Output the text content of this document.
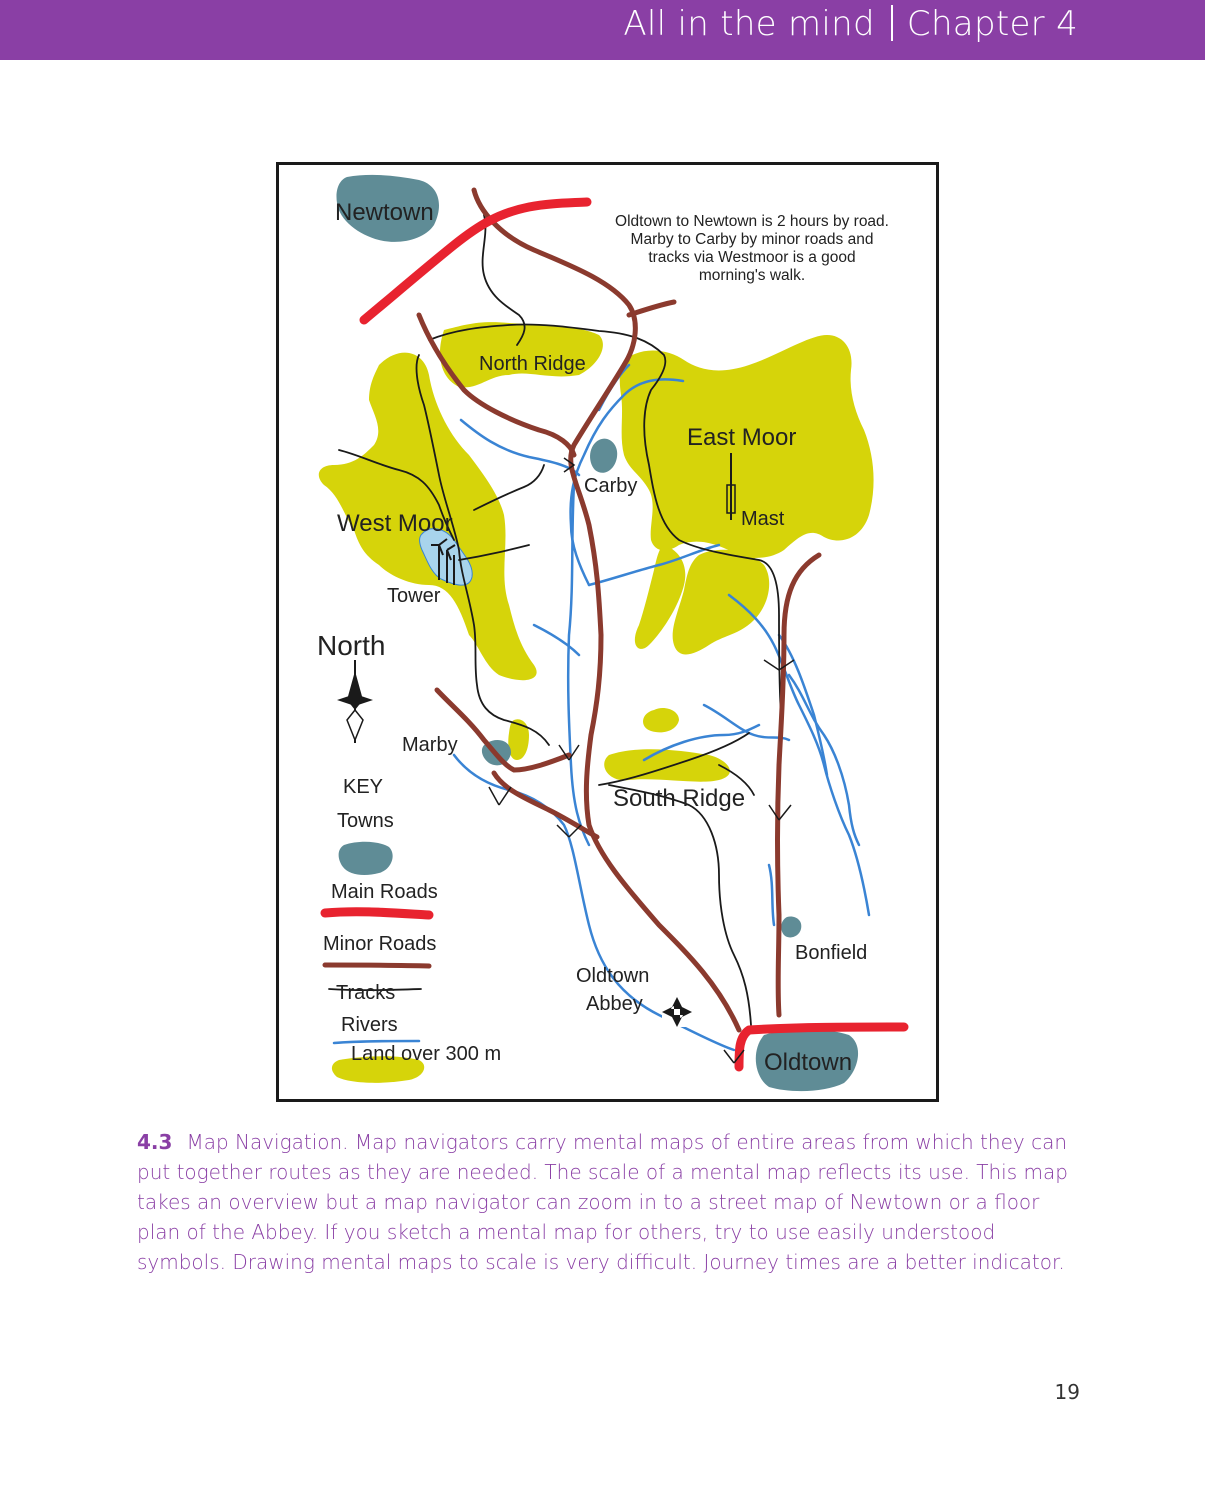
All in the mind Chapter 4
Oldtown to Newtown is 2 hours by road.
Marby to Carby by minor roads and
tracks via Westmoor is a good
morning's walk.
Newtown
North Ridge
East Moor
Carby
Mast
West Moor
Tower
North
Marby
South Ridge
Bonfield
Oldtown
Abbey
Oldtown
KEY
Towns
Main Roads
Minor Roads
Tracks
Rivers
Land over 300 m
4.3 Map Navigation. Map navigators carry mental maps of entire areas from which they can put together routes as they are needed. The scale of a mental map reflects its use. This map takes an overview but a map navigator can zoom in to a street map of Newtown or a floor plan of the Abbey. If you sketch a mental map for others, try to use easily understood symbols. Drawing mental maps to scale is very difficult. Journey times are a better indicator.
19
